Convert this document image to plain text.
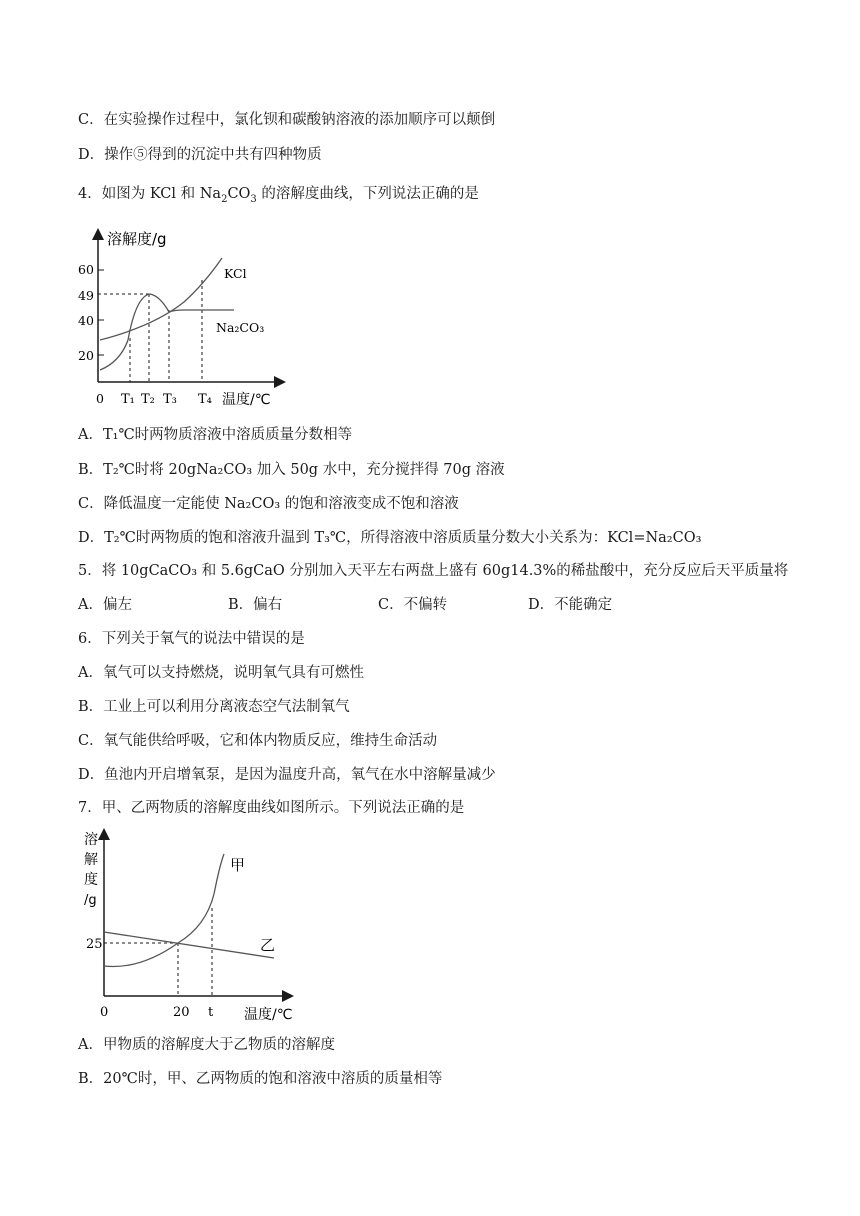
C．在实验操作过程中，氯化钡和碳酸钠溶液的添加顺序可以颠倒
D．操作⑤得到的沉淀中共有四种物质
4．如图为 KCl 和 $Na_2CO_3$ 的溶解度曲线，下列说法正确的是
溶解度/g
60
49
40
20
0 T₁ T₂ T₃ T₄ 温度/℃
KCl
Na₂CO₃
A．T₁℃时两物质溶液中溶质质量分数相等
B．T₂℃时将 20gNa₂CO₃ 加入 50g 水中，充分搅拌得 70g 溶液
C．降低温度一定能使 Na₂CO₃ 的饱和溶液变成不饱和溶液
D．T₂℃时两物质的饱和溶液升温到 T₃℃，所得溶液中溶质质量分数大小关系为：KCl=Na₂CO₃
5．将 10gCaCO₃ 和 5.6gCaO 分别加入天平左右两盘上盛有 60g14.3%的稀盐酸中，充分反应后天平质量将
A．偏左	B．偏右	C．不偏转	D．不能确定
6．下列关于氧气的说法中错误的是
A．氧气可以支持燃烧，说明氧气具有可燃性
B．工业上可以利用分离液态空气法制氧气
C．氧气能供给呼吸，它和体内物质反应，维持生命活动
D．鱼池内开启增氧泵，是因为温度升高，氧气在水中溶解量减少
7．甲、乙两物质的溶解度曲线如图所示。下列说法正确的是
溶
解
度
/g
25
0	20 t 温度/℃
甲
乙
A．甲物质的溶解度大于乙物质的溶解度
B．20℃时，甲、乙两物质的饱和溶液中溶质的质量相等
